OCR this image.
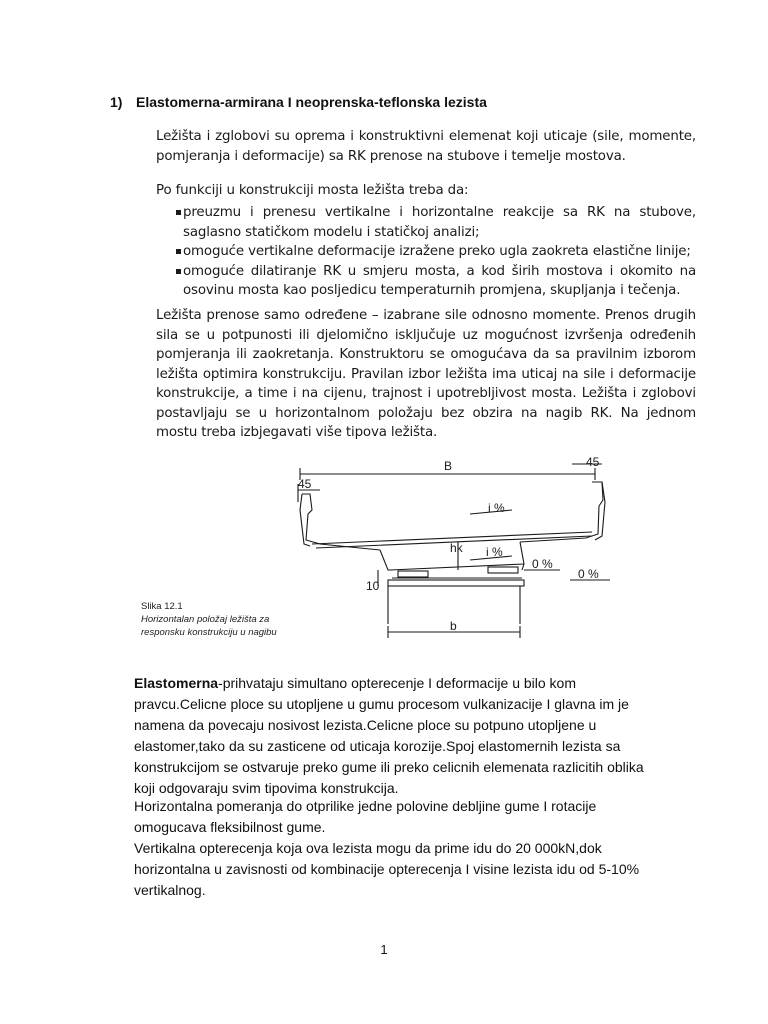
1) Elastomerna-armirana I neoprenska-teflonska lezista

Ležišta i zglobovi su oprema i konstruktivni elemenat koji uticaje (sile, momente, pomjeranja i deformacije) sa RK prenose na stubove i temelje mostova.

Po funkciji u konstrukciji mosta ležišta treba da:

preuzmu i prenesu vertikalne i horizontalne reakcije sa RK na stubove, saglasno statičkom modelu i statičkoj analizi;
omoguće vertikalne deformacije izražene preko ugla zaokreta elastične linije;
omoguće dilatiranje RK u smjeru mosta, a kod širih mostova i okomito na osovinu mosta kao posljedicu temperaturnih promjena, skupljanja i tečenja.

Ležišta prenose samo određene – izabrane sile odnosno momente. Prenos drugih sila se u potpunosti ili djelomično isključuje uz mogućnost izvršenja određenih pomjeranja ili zaokretanja. Konstruktoru se omogućava da sa pravilnim izborom ležišta optimira konstrukciju. Pravilan izbor ležišta ima uticaj na sile i deformacije konstrukcije, a time i na cijenu, trajnost i upotrebljivost mosta. Ležišta i zglobovi postavljaju se u horizontalnom položaju bez obzira na nagib RK. Na jednom mostu treba izbjegavati više tipova ležišta.

45
45
B
i %
i %
hk
0 %
0 %
10
b
Slika 12.1
Horizontalan položaj ležišta za
responsku konstrukciju u nagibu

Elastomerna-prihvataju simultano opterecenje I deformacije u bilo kom pravcu.Celicne ploce su utopljene u gumu procesom vulkanizacije I glavna im je namena da povecaju nosivost lezista.Celicne ploce su potpuno utopljene u elastomer,tako da su zasticene od uticaja korozije.Spoj elastomernih lezista sa konstrukcijom se ostvaruje preko gume ili preko celicnih elemenata razlicitih oblika koji odgovaraju svim tipovima konstrukcija.

Horizontalna pomeranja do otprilike jedne polovine debljine gume I rotacije omogucava fleksibilnost gume.

Vertikalna opterecenja koja ova lezista mogu da prime idu do 20 000kN,dok horizontalna u zavisnosti od kombinacije opterecenja I visine lezista idu od 5-10% vertikalnog.

1
